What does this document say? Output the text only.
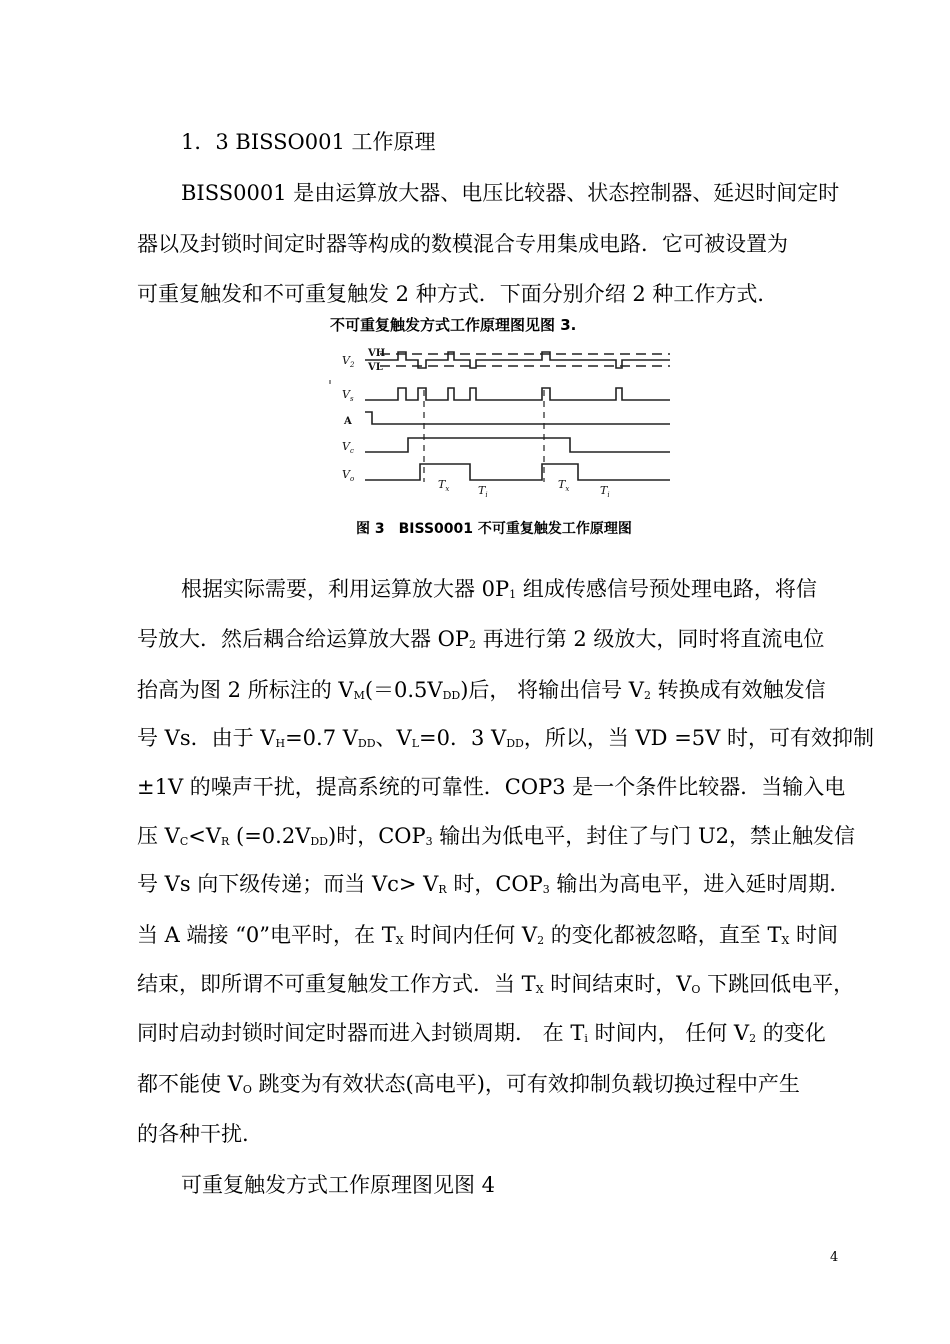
1．3 BISSO001 工作原理
BISS0001 是由运算放大器、电压比较器、状态控制器、延迟时间定时
器以及封锁时间定时器等构成的数模混合专用集成电路．它可被设置为
可重复触发和不可重复触发 2 种方式．下面分别介绍 2 种工作方式．
不可重复触发方式工作原理图见图 3.
$V_2$
$V_s$
$V_c$
$V_o$	$T_x$	$T_i$
$T_x$	$T_i$
VH
VL
A
图 3　BISS0001 不可重复触发工作原理图
根据实际需要，利用运算放大器 $0P_1$ 组成传感信号预处理电路，将信
号放大．然后耦合给运算放大器 $OP_2$ 再进行第 2 级放大，同时将直流电位
抬高为图 2 所标注的 $V_M(=0.5V_{DD})$后， 将输出信号 $V_2$ 转换成有效触发信
号 Vs．由于 $V_H=0.7$ $V_{DD}$、$V_L=0$．3 $V_{DD}$，所以，当 VD =5V 时，可有效抑制
±1V 的噪声干扰，提高系统的可靠性．COP3 是一个条件比较器．当输入电
压 $V_C<V_R$ $(=0.2V_{DD})$时，$COP_3$ 输出为低电平，封住了与门 U2，禁止触发信
号 Vs 向下级传递；而当 $Vc> V_R$ 时，$COP_3$ 输出为高电平，进入延时周期．
当 A 端接 “0”电平时，在 $T_X$ 时间内任何 $V_2$ 的变化都被忽略，直至 $T_X$ 时间
结束，即所谓不可重复触发工作方式．当 $T_X$ 时间结束时，$V_O$ 下跳回低电平，
同时启动封锁时间定时器而进入封锁周期． 在 $T_i$ 时间内， 任何 $V_2$ 的变化
都不能使 $V_O$ 跳变为有效状态(高电平)，可有效抑制负载切换过程中产生
的各种干扰.
可重复触发方式工作原理图见图 4
4
